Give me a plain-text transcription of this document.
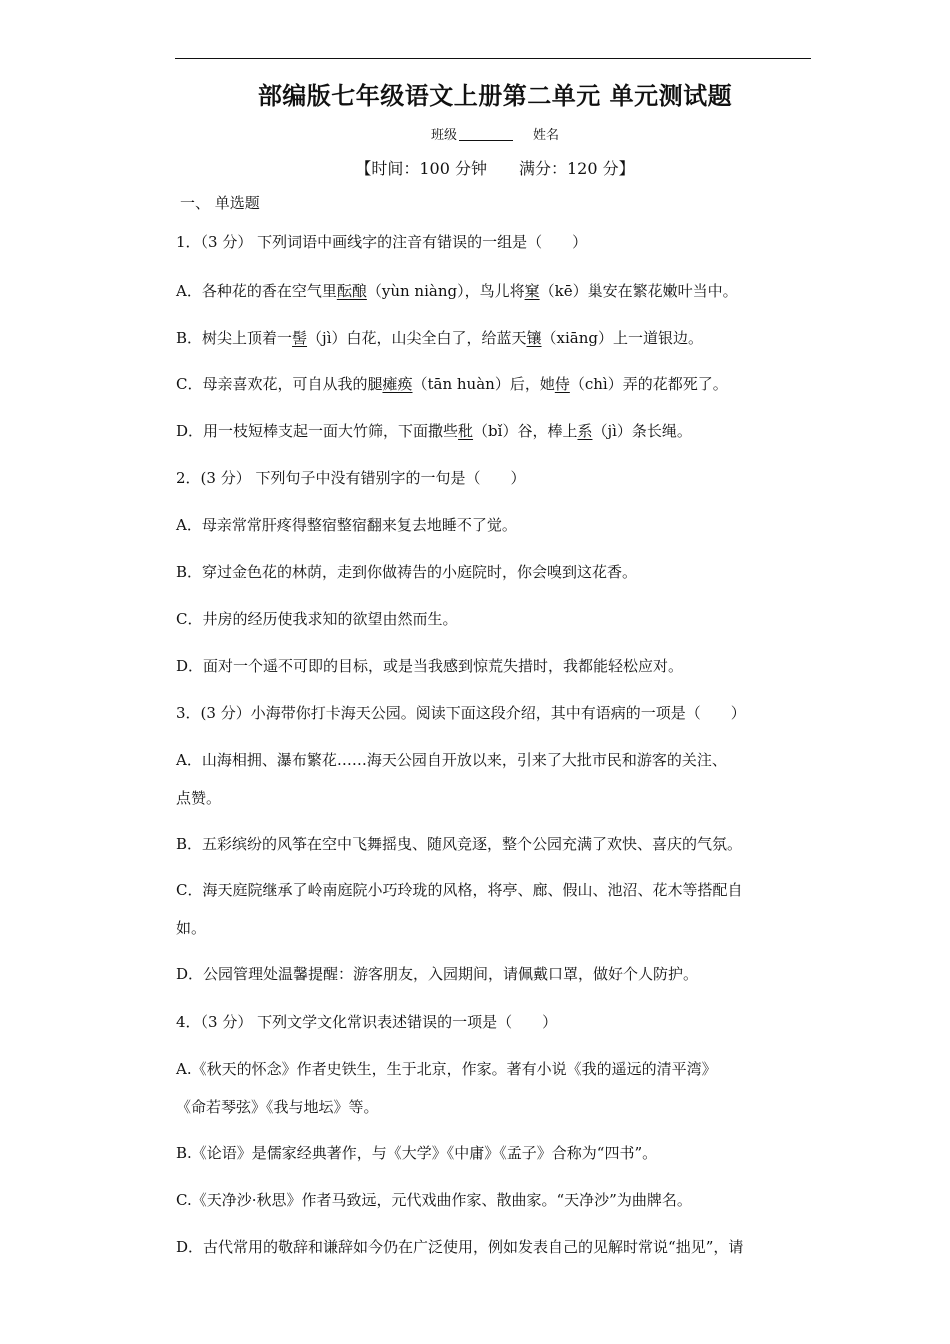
部编版七年级语文上册第二单元 单元测试题
班级	姓名
【时间：100 分钟 满分：120 分】
一、 单选题
1．（3 分） 下列词语中画线字的注音有错误的一组是（　　）
A．各种花的香在空气里酝酿（yùn niàng），鸟儿将窠（kē）巢安在繁花嫩叶当中。
B．树尖上顶着一髻（jì）白花，山尖全白了，给蓝天镶（xiāng）上一道银边。
C．母亲喜欢花，可自从我的腿瘫痪（tān huàn）后，她侍（chì）弄的花都死了。
D．用一枝短棒支起一面大竹筛，下面撒些秕（bǐ）谷，棒上系（jì）条长绳。
2．(3 分） 下列句子中没有错别字的一句是（　　）
A．母亲常常肝疼得整宿整宿翻来复去地睡不了觉。
B．穿过金色花的林荫，走到你做祷告的小庭院时，你会嗅到这花香。
C．井房的经历使我求知的欲望由然而生。
D．面对一个遥不可即的目标，或是当我感到惊荒失措时，我都能轻松应对。
3．(3 分）小海带你打卡海天公园。阅读下面这段介绍，其中有语病的一项是（　　）
A．山海相拥、瀑布繁花……海天公园自开放以来，引来了大批市民和游客的关注、
点赞。
B．五彩缤纷的风筝在空中飞舞摇曳、随风竞逐，整个公园充满了欢快、喜庆的气氛。
C．海天庭院继承了岭南庭院小巧玲珑的风格，将亭、廊、假山、池沼、花木等搭配自
如。
D．公园管理处温馨提醒：游客朋友，入园期间，请佩戴口罩，做好个人防护。
4．（3 分） 下列文学文化常识表述错误的一项是（　　）
A.《秋天的怀念》作者史铁生，生于北京，作家。著有小说《我的遥远的清平湾》
《命若琴弦》《我与地坛》等。
B.《论语》是儒家经典著作，与《大学》《中庸》《孟子》合称为“四书”。
C.《天净沙·秋思》作者马致远，元代戏曲作家、散曲家。“天净沙”为曲牌名。
D．古代常用的敬辞和谦辞如今仍在广泛使用，例如发表自己的见解时常说“拙见”，请
